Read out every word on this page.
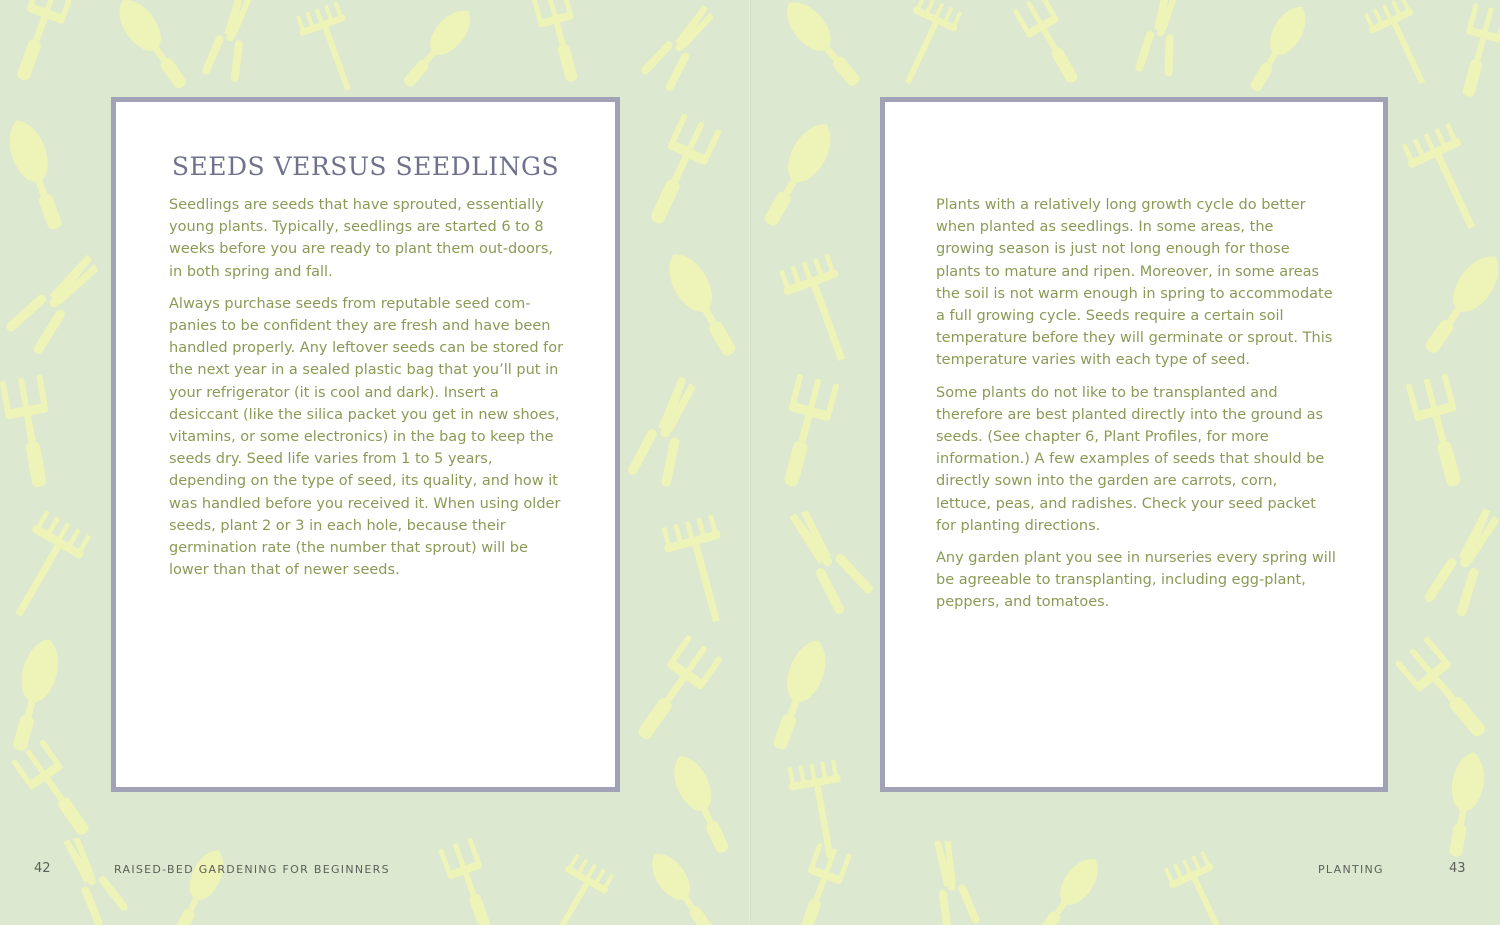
SEEDS VERSUS SEEDLINGS

Seedlings are seeds that have sprouted, essentially young plants. Typically, seedlings are started 6 to 8 weeks before you are ready to plant them out-doors, in both spring and fall.

Always purchase seeds from reputable seed com-panies to be confident they are fresh and have been handled properly. Any leftover seeds can be stored for the next year in a sealed plastic bag that you’ll put in your refrigerator (it is cool and dark). Insert a desiccant (like the silica packet you get in new shoes, vitamins, or some electronics) in the bag to keep the seeds dry. Seed life varies from 1 to 5 years, depending on the type of seed, its quality, and how it was handled before you received it. When using older seeds, plant 2 or 3 in each hole, because their germination rate (the number that sprout) will be lower than that of newer seeds.

Plants with a relatively long growth cycle do better when planted as seedlings. In some areas, the growing season is just not long enough for those plants to mature and ripen. Moreover, in some areas the soil is not warm enough in spring to accommodate a full growing cycle. Seeds require a certain soil temperature before they will germinate or sprout. This temperature varies with each type of seed.

Some plants do not like to be transplanted and therefore are best planted directly into the ground as seeds. (See chapter 6, Plant Profiles, for more information.) A few examples of seeds that should be directly sown into the garden are carrots, corn, lettuce, peas, and radishes. Check your seed packet for planting directions.

Any garden plant you see in nurseries every spring will be agreeable to transplanting, including egg-plant, peppers, and tomatoes.

42	RAISED-BED GARDENING FOR BEGINNERS	PLANTING	43
